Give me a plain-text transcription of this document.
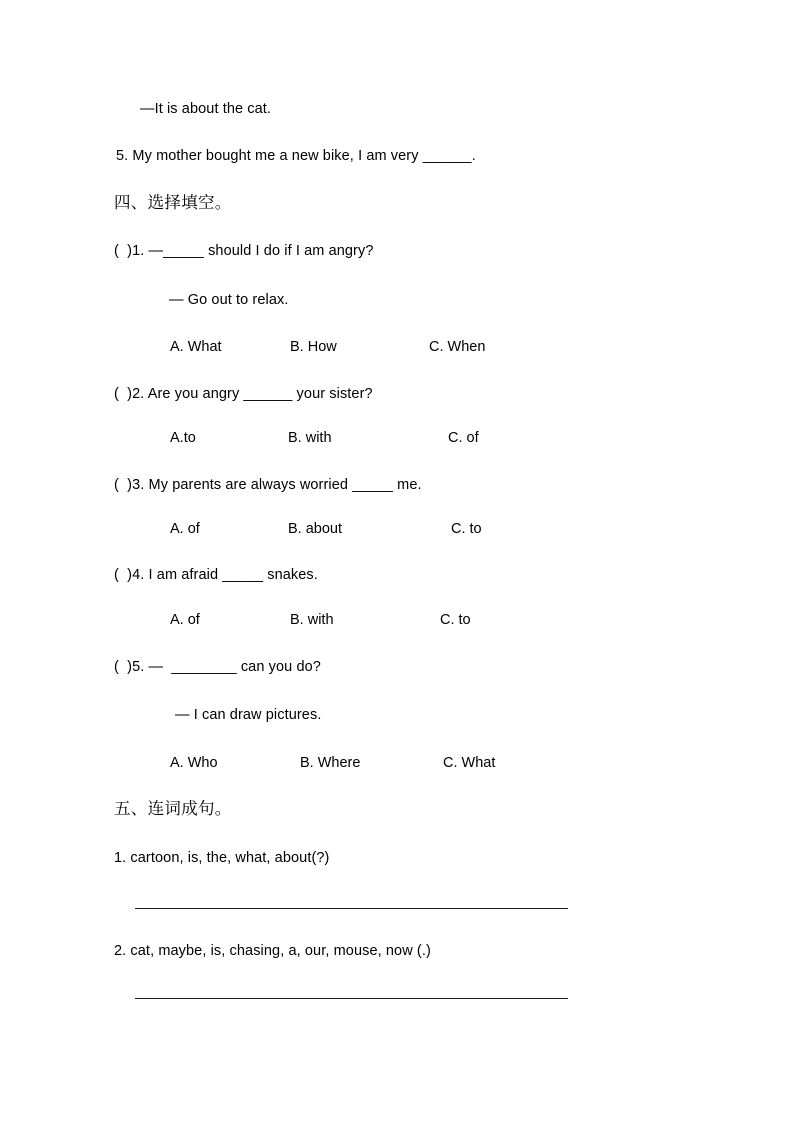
—It is about the cat.
5. My mother bought me a new bike, I am very ______.
四、选择填空。
(  )1. —_____ should I do if I am angry?
— Go out to relax.
A. What	B. How	C. When
(  )2. Are you angry ______ your sister?
A.to	B. with	C. of
(  )3. My parents are always worried _____ me.
A. of	B. about	C. to
(  )4. I am afraid _____ snakes.
A. of	B. with	C. to
(  )5. —  ________ can you do?
— I can draw pictures.
A. Who	B. Where	C. What
五、连词成句。
1. cartoon, is, the, what, about(?)
2. cat, maybe, is, chasing, a, our, mouse, now (.)
